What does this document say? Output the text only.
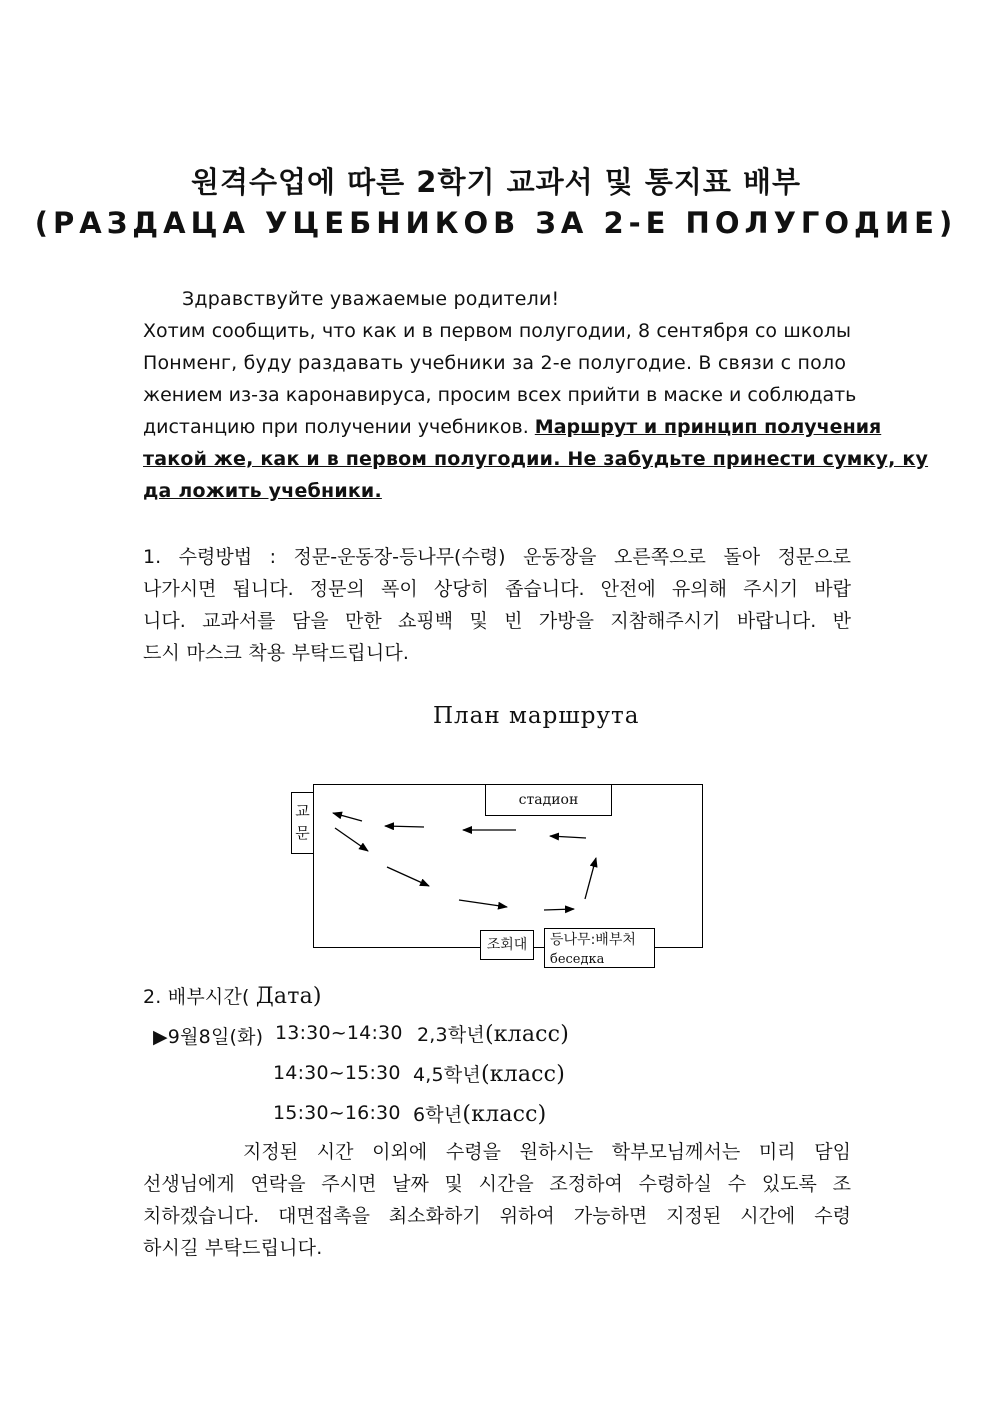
원격수업에 따른 2학기 교과서 및 통지표 배부
(РАЗДАЦА УЦЕБНИКОВ ЗА 2-Е ПОЛУГОДИЕ)
Здравствуйте уважаемые родители!
Хотим сообщить, что как и в первом полугодии, 8 сентября со школы
Понменг, буду раздавать учебники за 2-е полугодие. В связи с поло
жением из-за каронавируса, просим всех прийти в маске и соблюдать
дистанцию при получении учебников. Маршрут и принцип получения
такой же, как и в первом полугодии. Не забудьте принести сумку, ку
да ложить учебники.
1. 수령방법 : 정문-운동장-등나무(수령) 운동장을 오른쪽으로 돌아 정문으로
나가시면 됩니다. 정문의 폭이 상당히 좁습니다. 안전에 유의해 주시기 바랍
니다. 교과서를 담을 만한 쇼핑백 및 빈 가방을 지참해주시기 바랍니다. 반
드시 마스크 착용 부탁드립니다.
План маршрута
교
문
стадион
조회대	등나무:배부처
беседка
2. 배부시간( Дата)
▶9월8일(화) 13:30~14:30 2,3학년(класс)
14:30~15:30 4,5학년(класс)
15:30~16:30 6학년(класс)
지정된 시간 이외에 수령을 원하시는 학부모님께서는 미리 담임
선생님에게 연락을 주시면 날짜 및 시간을 조정하여 수령하실 수 있도록 조
치하겠습니다. 대면접촉을 최소화하기 위하여 가능하면 지정된 시간에 수령
하시길 부탁드립니다.
